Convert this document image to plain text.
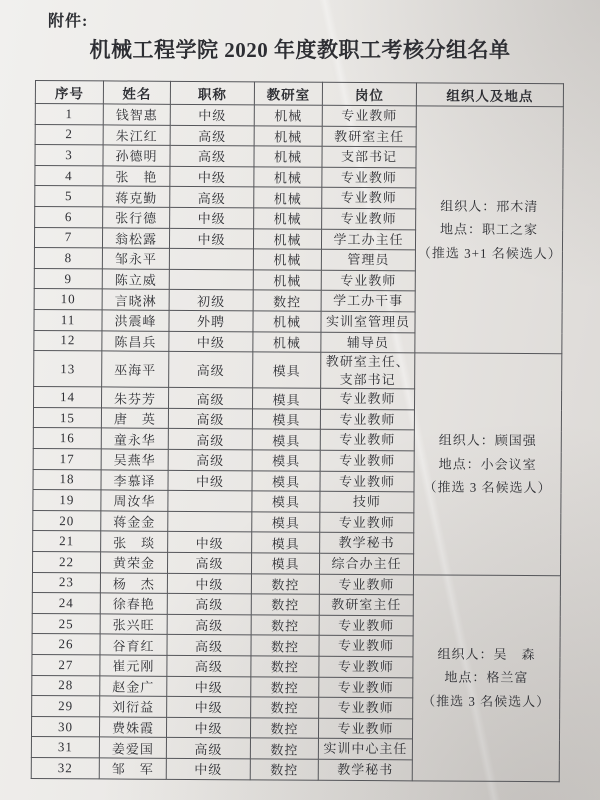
附件:
机械工程学院 2020 年度教职工考核分组名单
序号	姓名	职称	教研室	岗位	组织人及地点
1	钱智惠	中级	机械	专业教师	组织人：邢木清
地点：职工之家
（推选 3+1 名候选人）

2	朱江红	高级	机械	教研室主任	
3	孙德明	高级	机械	支部书记	
4	张　艳	中级	机械	专业教师	
5	蒋克勤	高级	机械	专业教师	
6	张行德	中级	机械	专业教师	
7	翁松露	中级	机械	学工办主任	
8	邹永平		机械	管理员	
9	陈立威		机械	专业教师	
10	言晓淋	初级	数控	学工办干事	
11	洪震峰	外聘	机械	实训室管理员	
12	陈昌兵	中级	机械	辅导员	
13	巫海平	高级	模具	教研室主任、支部书记	组织人：顾国强
地点：小会议室
（推选 3 名候选人）

14	朱芬芳	高级	模具	专业教师	
15	唐　英	高级	模具	专业教师	
16	童永华	高级	模具	专业教师	
17	吴燕华	高级	模具	专业教师	
18	李慕译	中级	模具	专业教师	
19	周汝华		模具	技师	
20	蒋金金		模具	专业教师	
21	张　琰	中级	模具	教学秘书	
22	黄荣金	高级	模具	综合办主任	
23	杨　杰	中级	数控	专业教师	组织人：吴　森
地点：格兰富
（推选 3 名候选人）

24	徐春艳	高级	数控	教研室主任	
25	张兴旺	高级	数控	专业教师	
26	谷育红	高级	数控	专业教师	
27	崔元刚	高级	数控	专业教师	
28	赵金广	中级	数控	专业教师	
29	刘衍益	中级	数控	专业教师	
30	费姝霞	中级	数控	专业教师	
31	姜爱国	高级	数控	实训中心主任	
32	邹　军	中级	数控	教学秘书	
